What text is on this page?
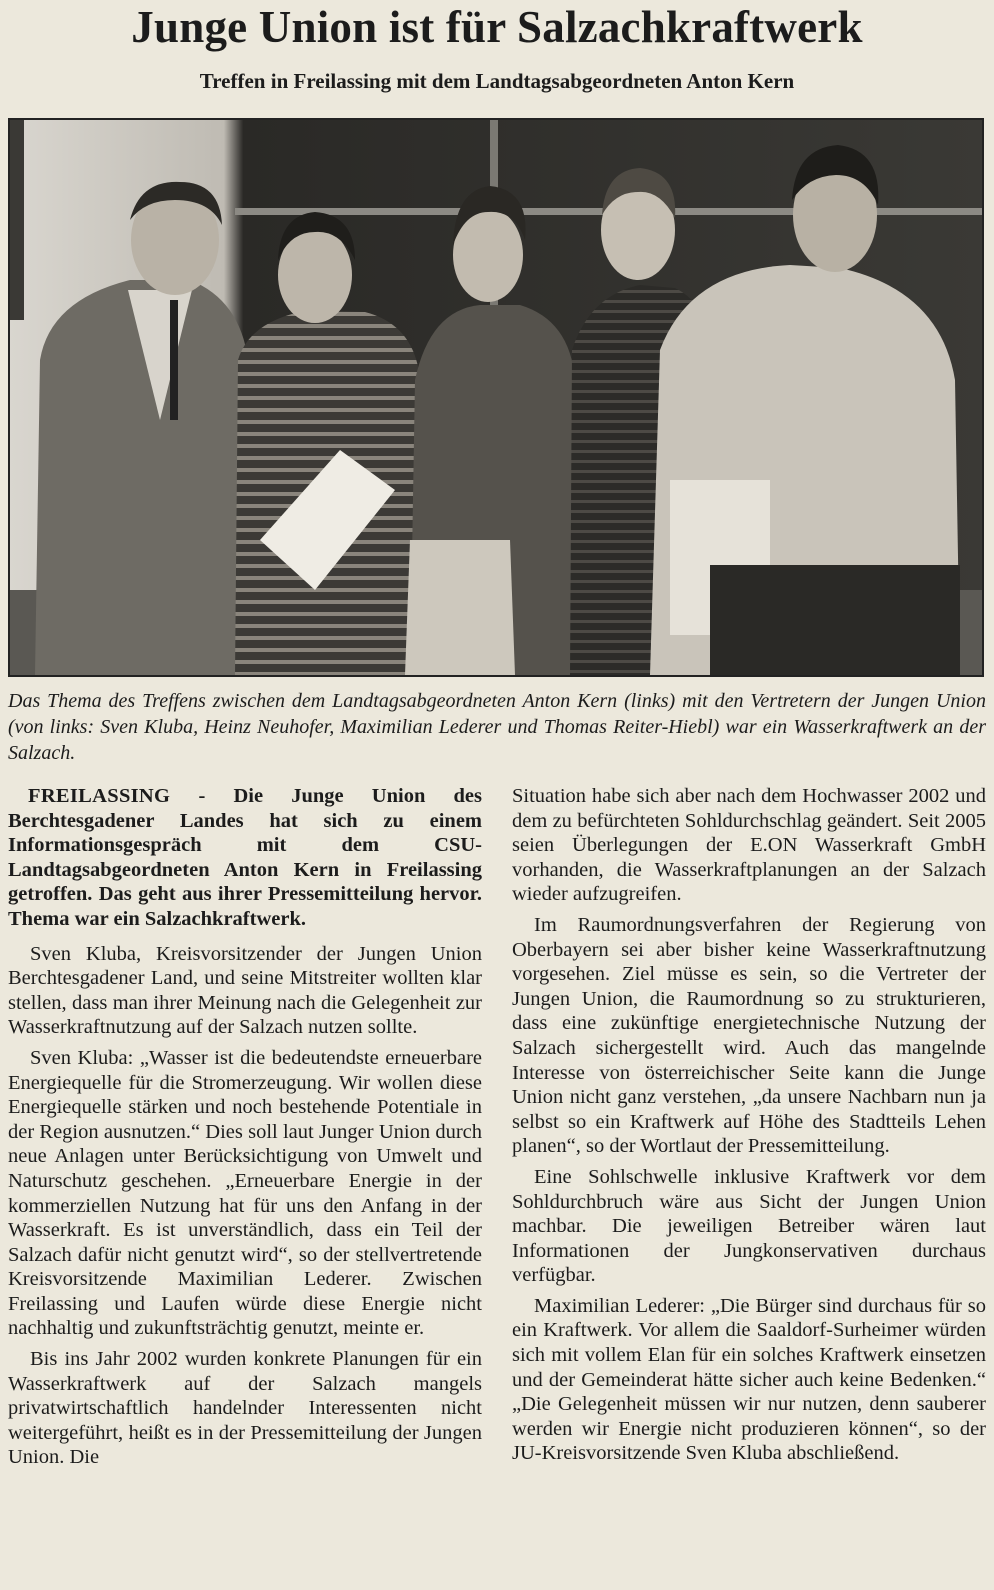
Junge Union ist für Salzachkraftwerk
Treffen in Freilassing mit dem Landtagsabgeordneten Anton Kern
Das Thema des Treffens zwischen dem Landtagsabgeordneten Anton Kern (links) mit den Vertretern der Jungen Union (von links: Sven Kluba, Heinz Neuhofer, Maximilian Lederer und Thomas Reiter-Hiebl) war ein Wasserkraftwerk an der Salzach.

FREILASSING - Die Junge Union des Berchtesgadener Landes hat sich zu einem Informationsgespräch mit dem CSU-Landtagsabgeordneten Anton Kern in Freilassing getroffen. Das geht aus ihrer Pressemitteilung hervor. Thema war ein Salzachkraftwerk.

Sven Kluba, Kreisvorsitzender der Jungen Union Berchtesgadener Land, und seine Mitstreiter wollten klar stellen, dass man ihrer Meinung nach die Gelegenheit zur Wasserkraftnutzung auf der Salzach nutzen sollte.

Sven Kluba: „Wasser ist die bedeutendste erneuerbare Energiequelle für die Stromerzeugung. Wir wollen diese Energiequelle stärken und noch bestehende Potentiale in der Region ausnutzen.“ Dies soll laut Junger Union durch neue Anlagen unter Berücksichtigung von Umwelt und Naturschutz geschehen. „Erneuerbare Energie in der kommerziellen Nutzung hat für uns den Anfang in der Wasserkraft. Es ist unverständlich, dass ein Teil der Salzach dafür nicht genutzt wird“, so der stellvertretende Kreisvorsitzende Maximilian Lederer. Zwischen Freilassing und Laufen würde diese Energie nicht nachhaltig und zukunftsträchtig genutzt, meinte er.

Bis ins Jahr 2002 wurden konkrete Planungen für ein Wasserkraftwerk auf der Salzach mangels privatwirtschaftlich handelnder Interessenten nicht weitergeführt, heißt es in der Pressemitteilung der Jungen Union. Die

Situation habe sich aber nach dem Hochwasser 2002 und dem zu befürchteten Sohldurchschlag geändert. Seit 2005 seien Überlegungen der E.ON Wasserkraft GmbH vorhanden, die Wasserkraftplanungen an der Salzach wieder aufzugreifen.

Im Raumordnungsverfahren der Regierung von Oberbayern sei aber bisher keine Wasserkraftnutzung vorgesehen. Ziel müsse es sein, so die Vertreter der Jungen Union, die Raumordnung so zu strukturieren, dass eine zukünftige energietechnische Nutzung der Salzach sichergestellt wird. Auch das mangelnde Interesse von österreichischer Seite kann die Junge Union nicht ganz verstehen, „da unsere Nachbarn nun ja selbst so ein Kraftwerk auf Höhe des Stadtteils Lehen planen“, so der Wortlaut der Pressemitteilung.

Eine Sohlschwelle inklusive Kraftwerk vor dem Sohldurchbruch wäre aus Sicht der Jungen Union machbar. Die jeweiligen Betreiber wären laut Informationen der Jungkonservativen durchaus verfügbar.

Maximilian Lederer: „Die Bürger sind durchaus für so ein Kraftwerk. Vor allem die Saaldorf-Surheimer würden sich mit vollem Elan für ein solches Kraftwerk einsetzen und der Gemeinderat hätte sicher auch keine Bedenken.“ „Die Gelegenheit müssen wir nur nutzen, denn sauberer werden wir Energie nicht produzieren können“, so der JU-Kreisvorsitzende Sven Kluba abschließend.
